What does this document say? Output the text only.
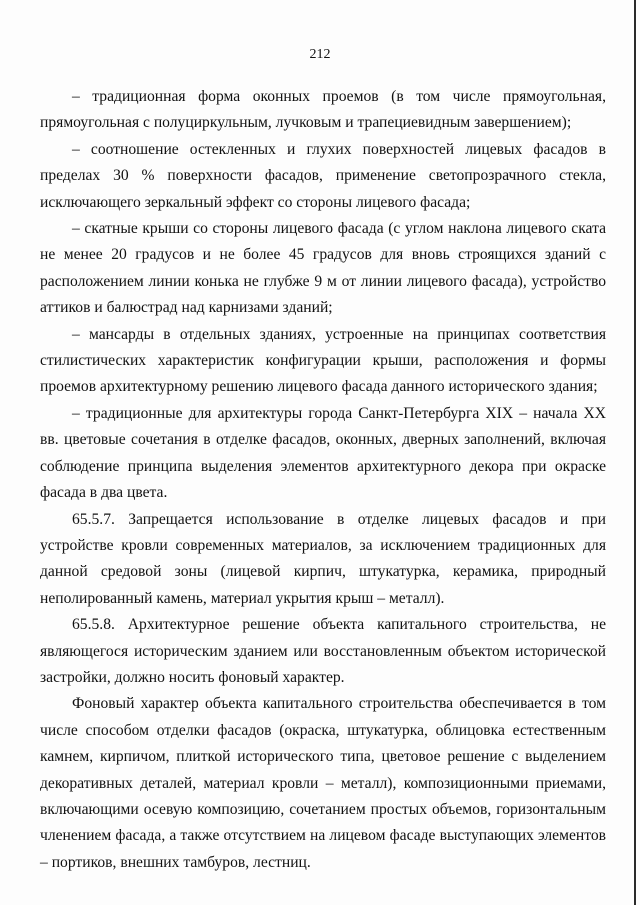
212

– традиционная форма оконных проемов (в том числе прямоугольная, прямоугольная с полуциркульным, лучковым и трапециевидным завершением);

– соотношение остекленных и глухих поверхностей лицевых фасадов в пределах 30 % поверхности фасадов, применение светопрозрачного стекла, исключающего зеркальный эффект со стороны лицевого фасада;

– скатные крыши со стороны лицевого фасада (с углом наклона лицевого ската не менее 20 градусов и не более 45 градусов для вновь строящихся зданий с расположением линии конька не глубже 9 м от линии лицевого фасада), устройство аттиков и балюстрад над карнизами зданий;

– мансарды в отдельных зданиях, устроенные на принципах соответствия стилистических характеристик конфигурации крыши, расположения и формы проемов архитектурному решению лицевого фасада данного исторического здания;

– традиционные для архитектуры города Санкт-Петербурга XIX – начала XX вв. цветовые сочетания в отделке фасадов, оконных, дверных заполнений, включая соблюдение принципа выделения элементов архитектурного декора при окраске фасада в два цвета.

65.5.7. Запрещается использование в отделке лицевых фасадов и при устройстве кровли современных материалов, за исключением традиционных для данной средовой зоны (лицевой кирпич, штукатурка, керамика, природный неполированный камень, материал укрытия крыш – металл).

65.5.8. Архитектурное решение объекта капитального строительства, не являющегося историческим зданием или восстановленным объектом исторической застройки, должно носить фоновый характер.

Фоновый характер объекта капитального строительства обеспечивается в том числе способом отделки фасадов (окраска, штукатурка, облицовка естественным камнем, кирпичом, плиткой исторического типа, цветовое решение с выделением декоративных деталей, материал кровли – металл), композиционными приемами, включающими осевую композицию, сочетанием простых объемов, горизонтальным членением фасада, а также отсутствием на лицевом фасаде выступающих элементов – портиков, внешних тамбуров, лестниц.
